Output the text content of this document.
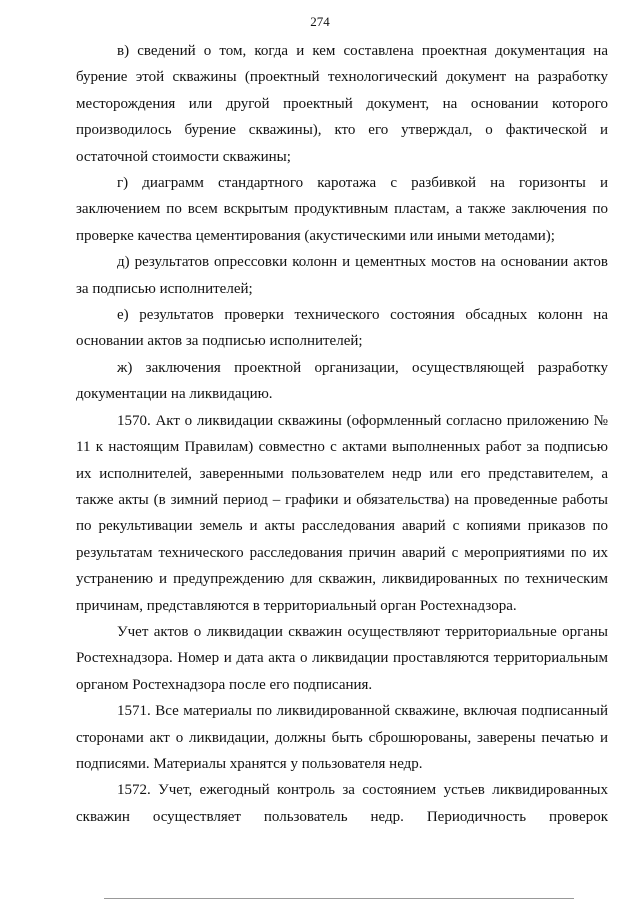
274

в) сведений о том, когда и кем составлена проектная документация на бурение этой скважины (проектный технологический документ на разработку месторождения или другой проектный документ, на основании которого производилось бурение скважины), кто его утверждал, о фактической и остаточной стоимости скважины;

г) диаграмм стандартного каротажа с разбивкой на горизонты и заключением по всем вскрытым продуктивным пластам, а также заключения по проверке качества цементирования (акустическими или иными методами);

д) результатов опрессовки колонн и цементных мостов на основании актов за подписью исполнителей;

е) результатов проверки технического состояния обсадных колонн на основании актов за подписью исполнителей;

ж) заключения проектной организации, осуществляющей разработку документации на ликвидацию.

1570. Акт о ликвидации скважины (оформленный согласно приложению № 11 к настоящим Правилам) совместно с актами выполненных работ за подписью их исполнителей, заверенными пользователем недр или его представителем, а также акты (в зимний период – графики и обязательства) на проведенные работы по рекультивации земель и акты расследования аварий с копиями приказов по результатам технического расследования причин аварий с мероприятиями по их устранению и предупреждению для скважин, ликвидированных по техническим причинам, представляются в территориальный орган Ростехнадзора.

Учет актов о ликвидации скважин осуществляют территориальные органы Ростехнадзора. Номер и дата акта о ликвидации проставляются территориальным органом Ростехнадзора после его подписания.

1571. Все материалы по ликвидированной скважине, включая подписанный сторонами акт о ликвидации, должны быть сброшюрованы, заверены печатью и подписями. Материалы хранятся у пользователя недр.

1572. Учет, ежегодный контроль за состоянием устьев ликвидированных скважин осуществляет пользователь недр. Периодичность проверок
